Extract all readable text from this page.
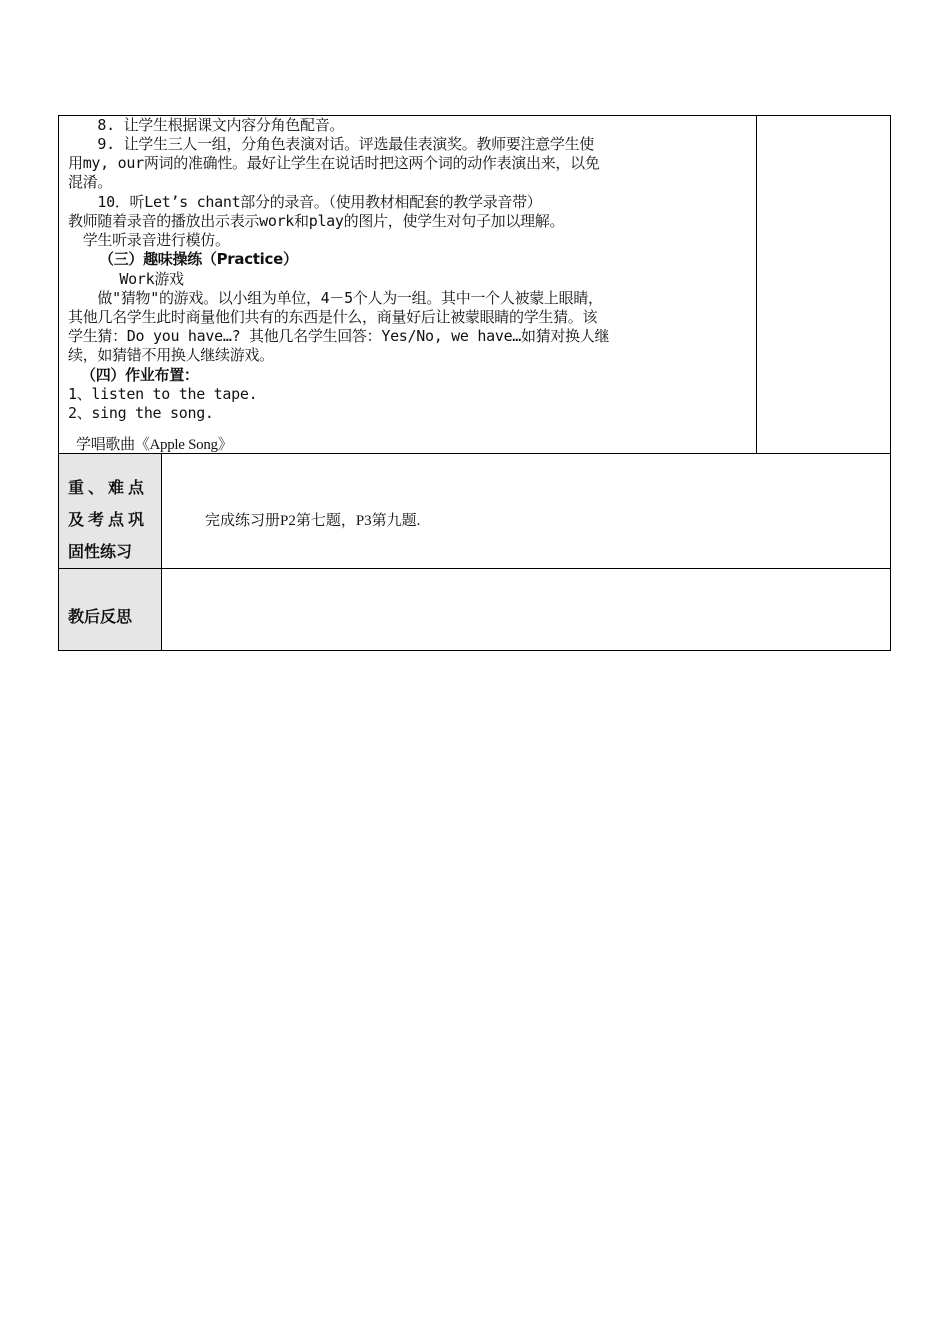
　　8. 让学生根据课文内容分角色配音。
　　9. 让学生三人一组，分角色表演对话。评选最佳表演奖。教师要注意学生使
用my, our两词的准确性。最好让学生在说话时把这两个词的动作表演出来，以免
混淆。
　　10．听Let’s chant部分的录音。（使用教材相配套的教学录音带）
教师随着录音的播放出示表示work和play的图片，使学生对句子加以理解。
　学生听录音进行模仿。
（三）趣味操练（Practice）
　　Work游戏
　　做"猜物"的游戏。以小组为单位，4－5个人为一组。其中一个人被蒙上眼睛，
其他几名学生此时商量他们共有的东西是什么，商量好后让被蒙眼睛的学生猜。该
学生猜：Do you have…? 其他几名学生回答：Yes/No, we have…如猜对换人继
续，如猜错不用换人继续游戏。
（四）作业布置：
1、listen to the tape.
2、sing the song.
学唱歌曲《Apple Song》
重、难点
及考点巩
固性练习
完成练习册P2第七题，P3第九题.
教后反思
